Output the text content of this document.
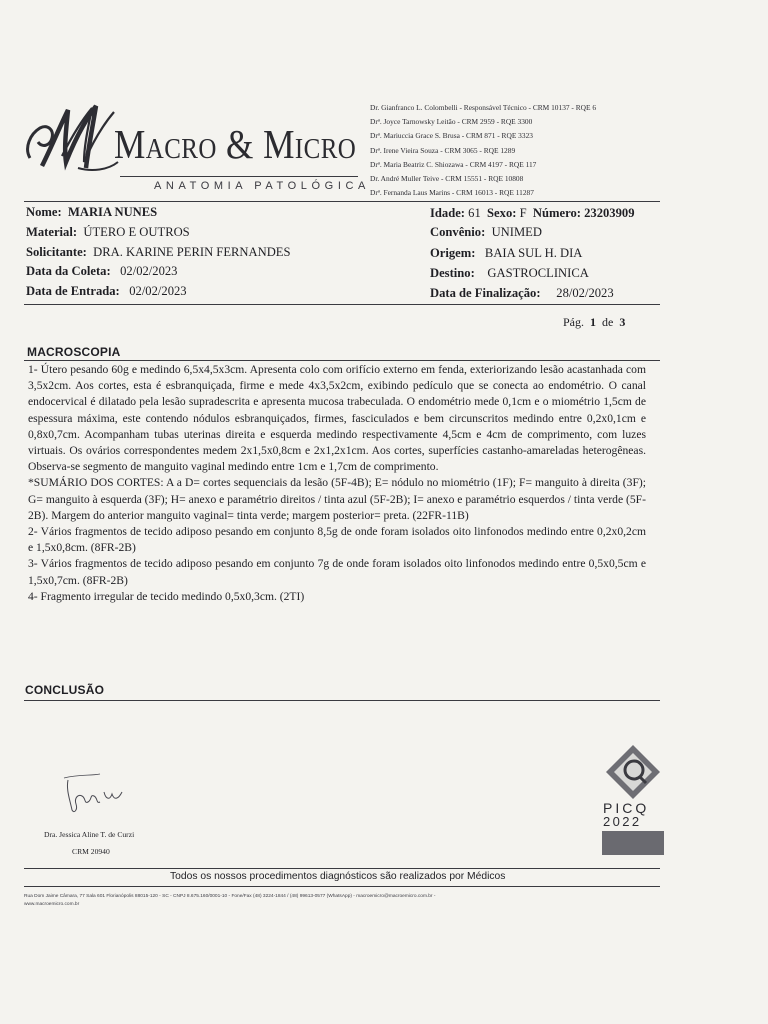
Macro & Micro
ANATOMIA PATOLÓGICA
Dr. Gianfranco L. Colombelli - Responsável Técnico - CRM 10137 - RQE 6
Drª. Joyce Tarnowsky Leitão - CRM 2959 - RQE 3300
Drª. Mariuccia Grace S. Brusa - CRM 871 - RQE 3323
Drª. Irene Vieira Souza - CRM 3065 - RQE 1289
Drª. Maria Beatriz C. Shiozawa - CRM 4197 - RQE 117
Dr. André Muller Teive - CRM 15551 - RQE 10808
Drª. Fernanda Laus Marins - CRM 16013 - RQE 11287
Nome: MARIA NUNES	Idade: 61 Sexo: F Número: 23203909
Material: ÚTERO E OUTROS	Convênio: UNIMED
Solicitante: DRA. KARINE PERIN FERNANDES	Origem: BAIA SUL H. DIA
Data da Coleta: 02/02/2023	Destino: GASTROCLINICA
Data de Entrada: 02/02/2023	Data de Finalização: 28/02/2023
Pág. 1 de 3
MACROSCOPIA

1- Útero pesando 60g e medindo 6,5x4,5x3cm. Apresenta colo com orifício externo em fenda, exteriorizando lesão acastanhada com 3,5x2cm. Aos cortes, esta é esbranquiçada, firme e mede 4x3,5x2cm, exibindo pedículo que se conecta ao endométrio. O canal endocervical é dilatado pela lesão supradescrita e apresenta mucosa trabeculada. O endométrio mede 0,1cm e o miométrio 1,5cm de espessura máxima, este contendo nódulos esbranquiçados, firmes, fasciculados e bem circunscritos medindo entre 0,2x0,1cm e 0,8x0,7cm. Acompanham tubas uterinas direita e esquerda medindo respectivamente 4,5cm e 4cm de comprimento, com luzes virtuais. Os ovários correspondentes medem 2x1,5x0,8cm e 2x1,2x1cm. Aos cortes, superfícies castanho-amareladas heterogêneas. Observa-se segmento de manguito vaginal medindo entre 1cm e 1,7cm de comprimento.

*SUMÁRIO DOS CORTES: A a D= cortes sequenciais da lesão (5F-4B); E= nódulo no miométrio (1F); F= manguito à direita (3F); G= manguito à esquerda (3F); H= anexo e paramétrio direitos / tinta azul (5F-2B); I= anexo e paramétrio esquerdos / tinta verde (5F-2B). Margem do anterior manguito vaginal= tinta verde; margem posterior= preta. (22FR-11B)

2- Vários fragmentos de tecido adiposo pesando em conjunto 8,5g de onde foram isolados oito linfonodos medindo entre 0,2x0,2cm e 1,5x0,8cm. (8FR-2B)

3- Vários fragmentos de tecido adiposo pesando em conjunto 7g de onde foram isolados oito linfonodos medindo entre 0,5x0,5cm e 1,5x0,7cm. (8FR-2B)

4- Fragmento irregular de tecido medindo 0,5x0,3cm. (2TI)

CONCLUSÃO
Dra. Jessica Aline T. de Curzi
CRM 20940
PICQ
2022
Todos os nossos procedimentos diagnósticos são realizados por Médicos
Rua Dom Jaime Câmara, 77 Sala 601 Florianópolis 88015-120 - SC - CNPJ 8.675.160/0001-10 - Fone/Fax (48) 3224-1844 / (48) 99613-0577 (WhatsApp) - macroemicro@macroemicro.com.br -
www.macroemicro.com.br
